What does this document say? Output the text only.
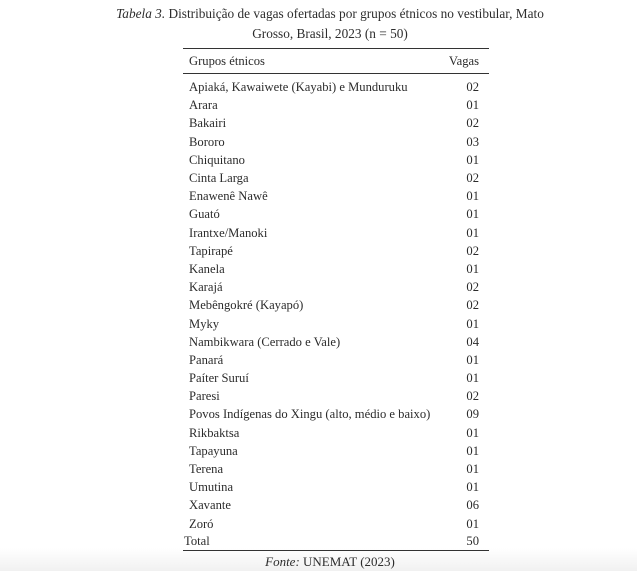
Tabela 3. Distribuição de vagas ofertadas por grupos étnicos no vestibular, Mato
Grosso, Brasil, 2023 (n = 50)
Grupos étnicos	Vagas
Apiaká, Kawaiwete (Kayabi) e Munduruku	02
Arara	01
Bakairi	02
Bororo	03
Chiquitano	01
Cinta Larga	02
Enawenê Nawê	01
Guató	01
Irantxe/Manoki	01
Tapirapé	02
Kanela	01
Karajá	02
Mebêngokré (Kayapó)	02
Myky	01
Nambikwara (Cerrado e Vale)	04
Panará	01
Paíter Suruí	01
Paresi	02
Povos Indígenas do Xingu (alto, médio e baixo)	09
Rikbaktsa	01
Tapayuna	01
Terena	01
Umutina	01
Xavante	06
Zoró	01
Total	50
Fonte: UNEMAT (2023)
